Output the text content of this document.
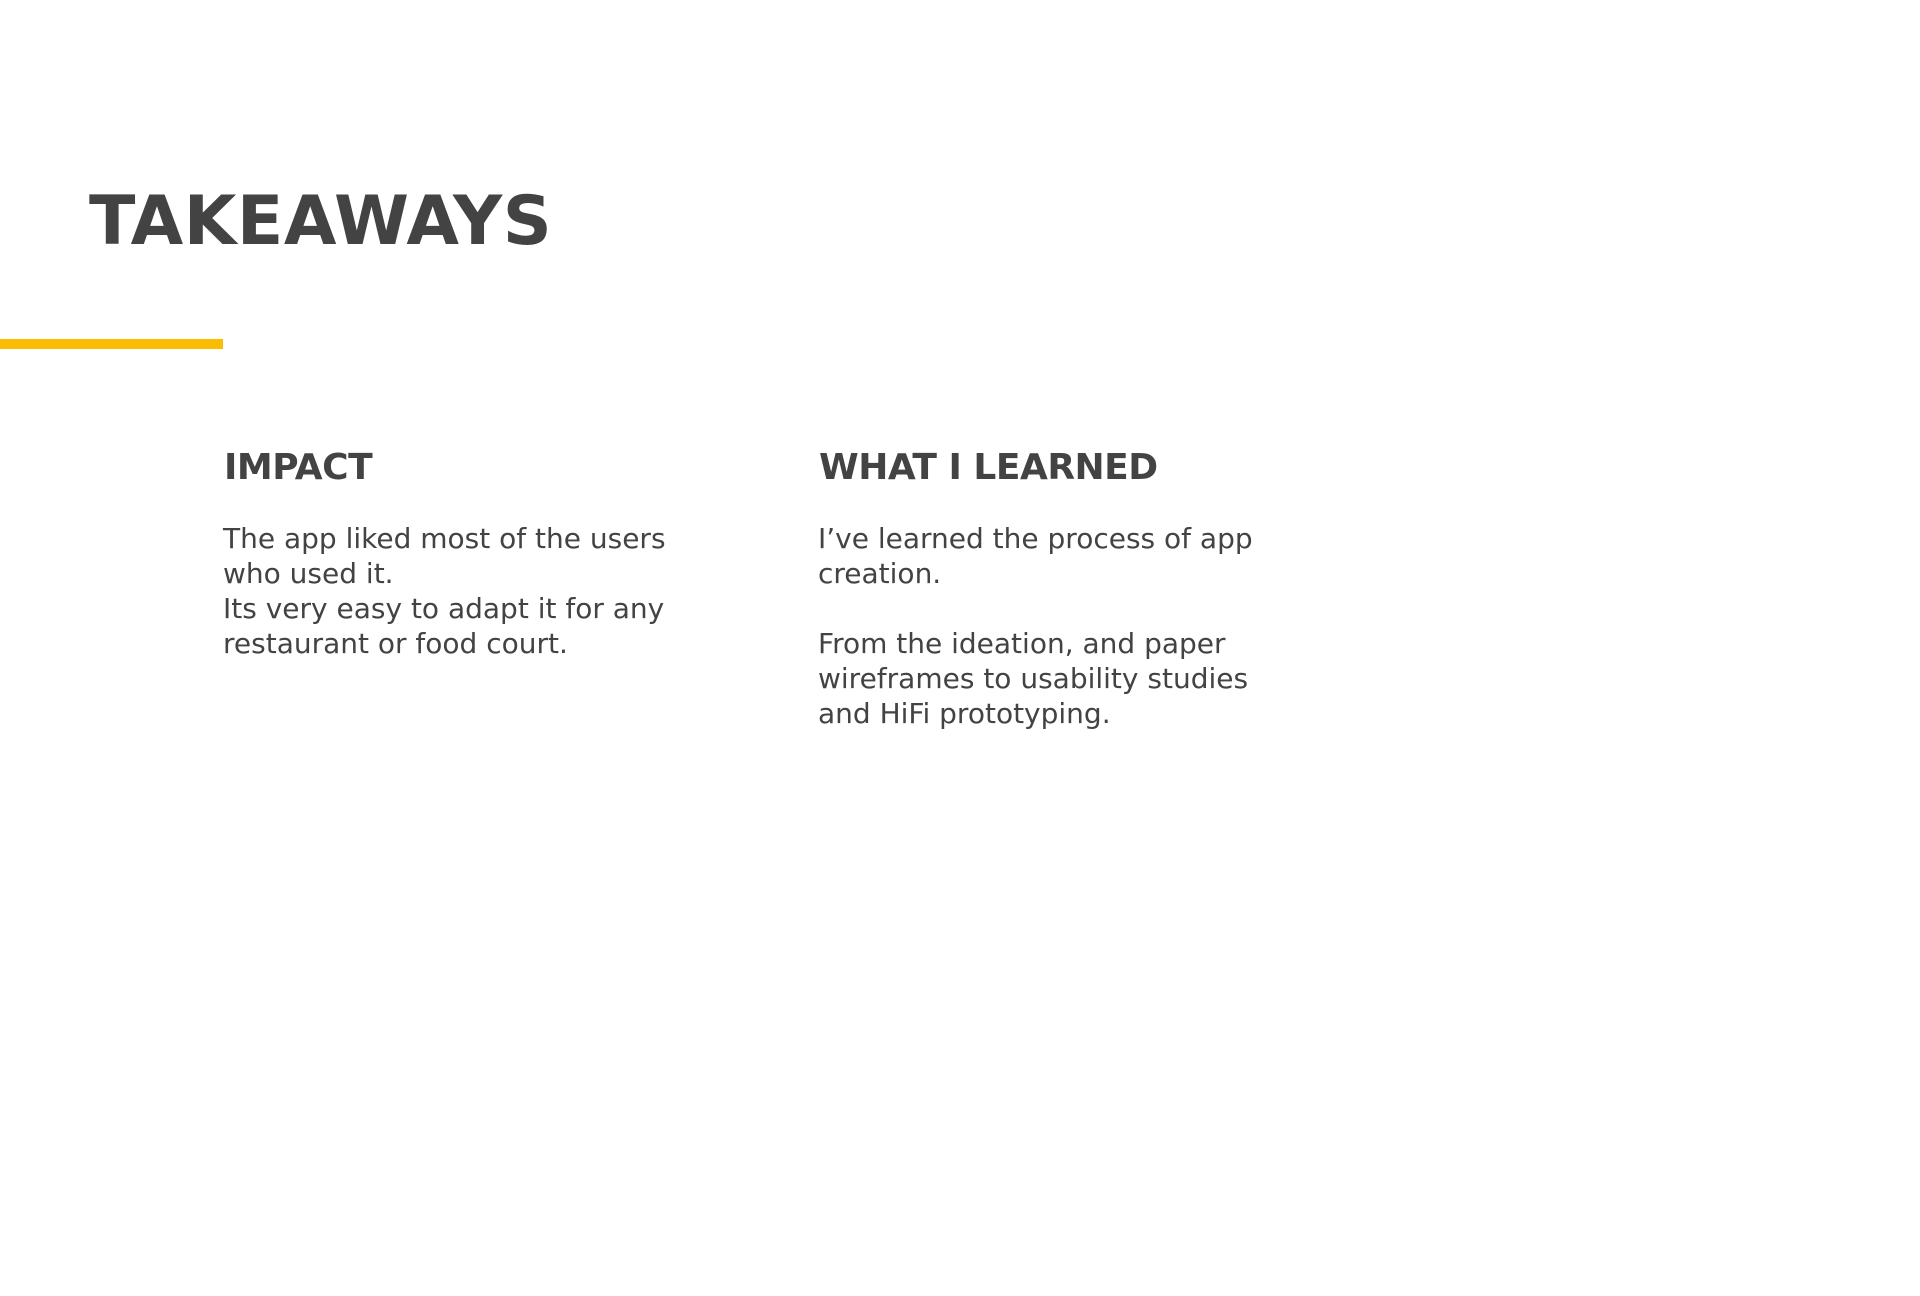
TAKEAWAYS
IMPACT

The app liked most of the users

who used it.

Its very easy to adapt it for any

restaurant or food court.

WHAT I LEARNED

I’ve learned the process of app

creation.

From the ideation, and paper

wireframes to usability studies

and HiFi prototyping.
